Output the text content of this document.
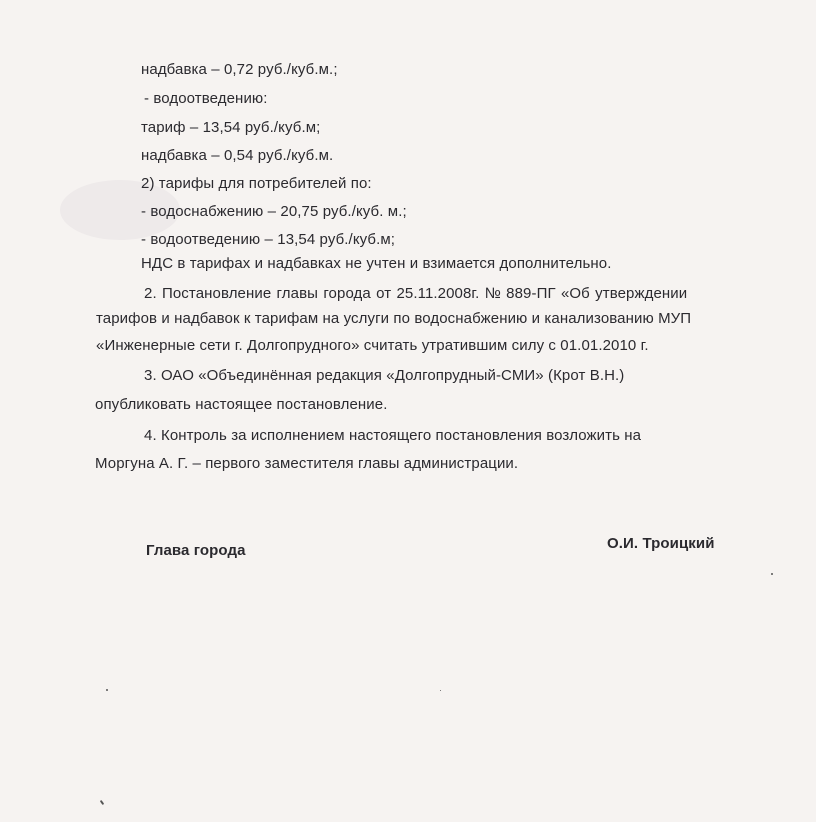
надбавка – 0,72 руб./куб.м.;
- водоотведению:
тариф – 13,54 руб./куб.м;
надбавка – 0,54 руб./куб.м.
2) тарифы для потребителей по:
- водоснабжению – 20,75 руб./куб. м.;
- водоотведению – 13,54 руб./куб.м;
НДС в тарифах и надбавках не учтен и взимается дополнительно.
2. Постановление главы города от 25.11.2008г. № 889-ПГ «Об утверждении
тарифов и надбавок к тарифам на услуги по водоснабжению и канализованию МУП
«Инженерные сети г. Долгопрудного» считать утратившим силу с 01.01.2010 г.
3. ОАО «Объединённая редакция «Долгопрудный-СМИ» (Крот В.Н.)
опубликовать настоящее постановление.
4. Контроль за исполнением настоящего постановления возложить на
Моргуна А. Г. – первого заместителя главы администрации.
Глава города	О.И. Троицкий
